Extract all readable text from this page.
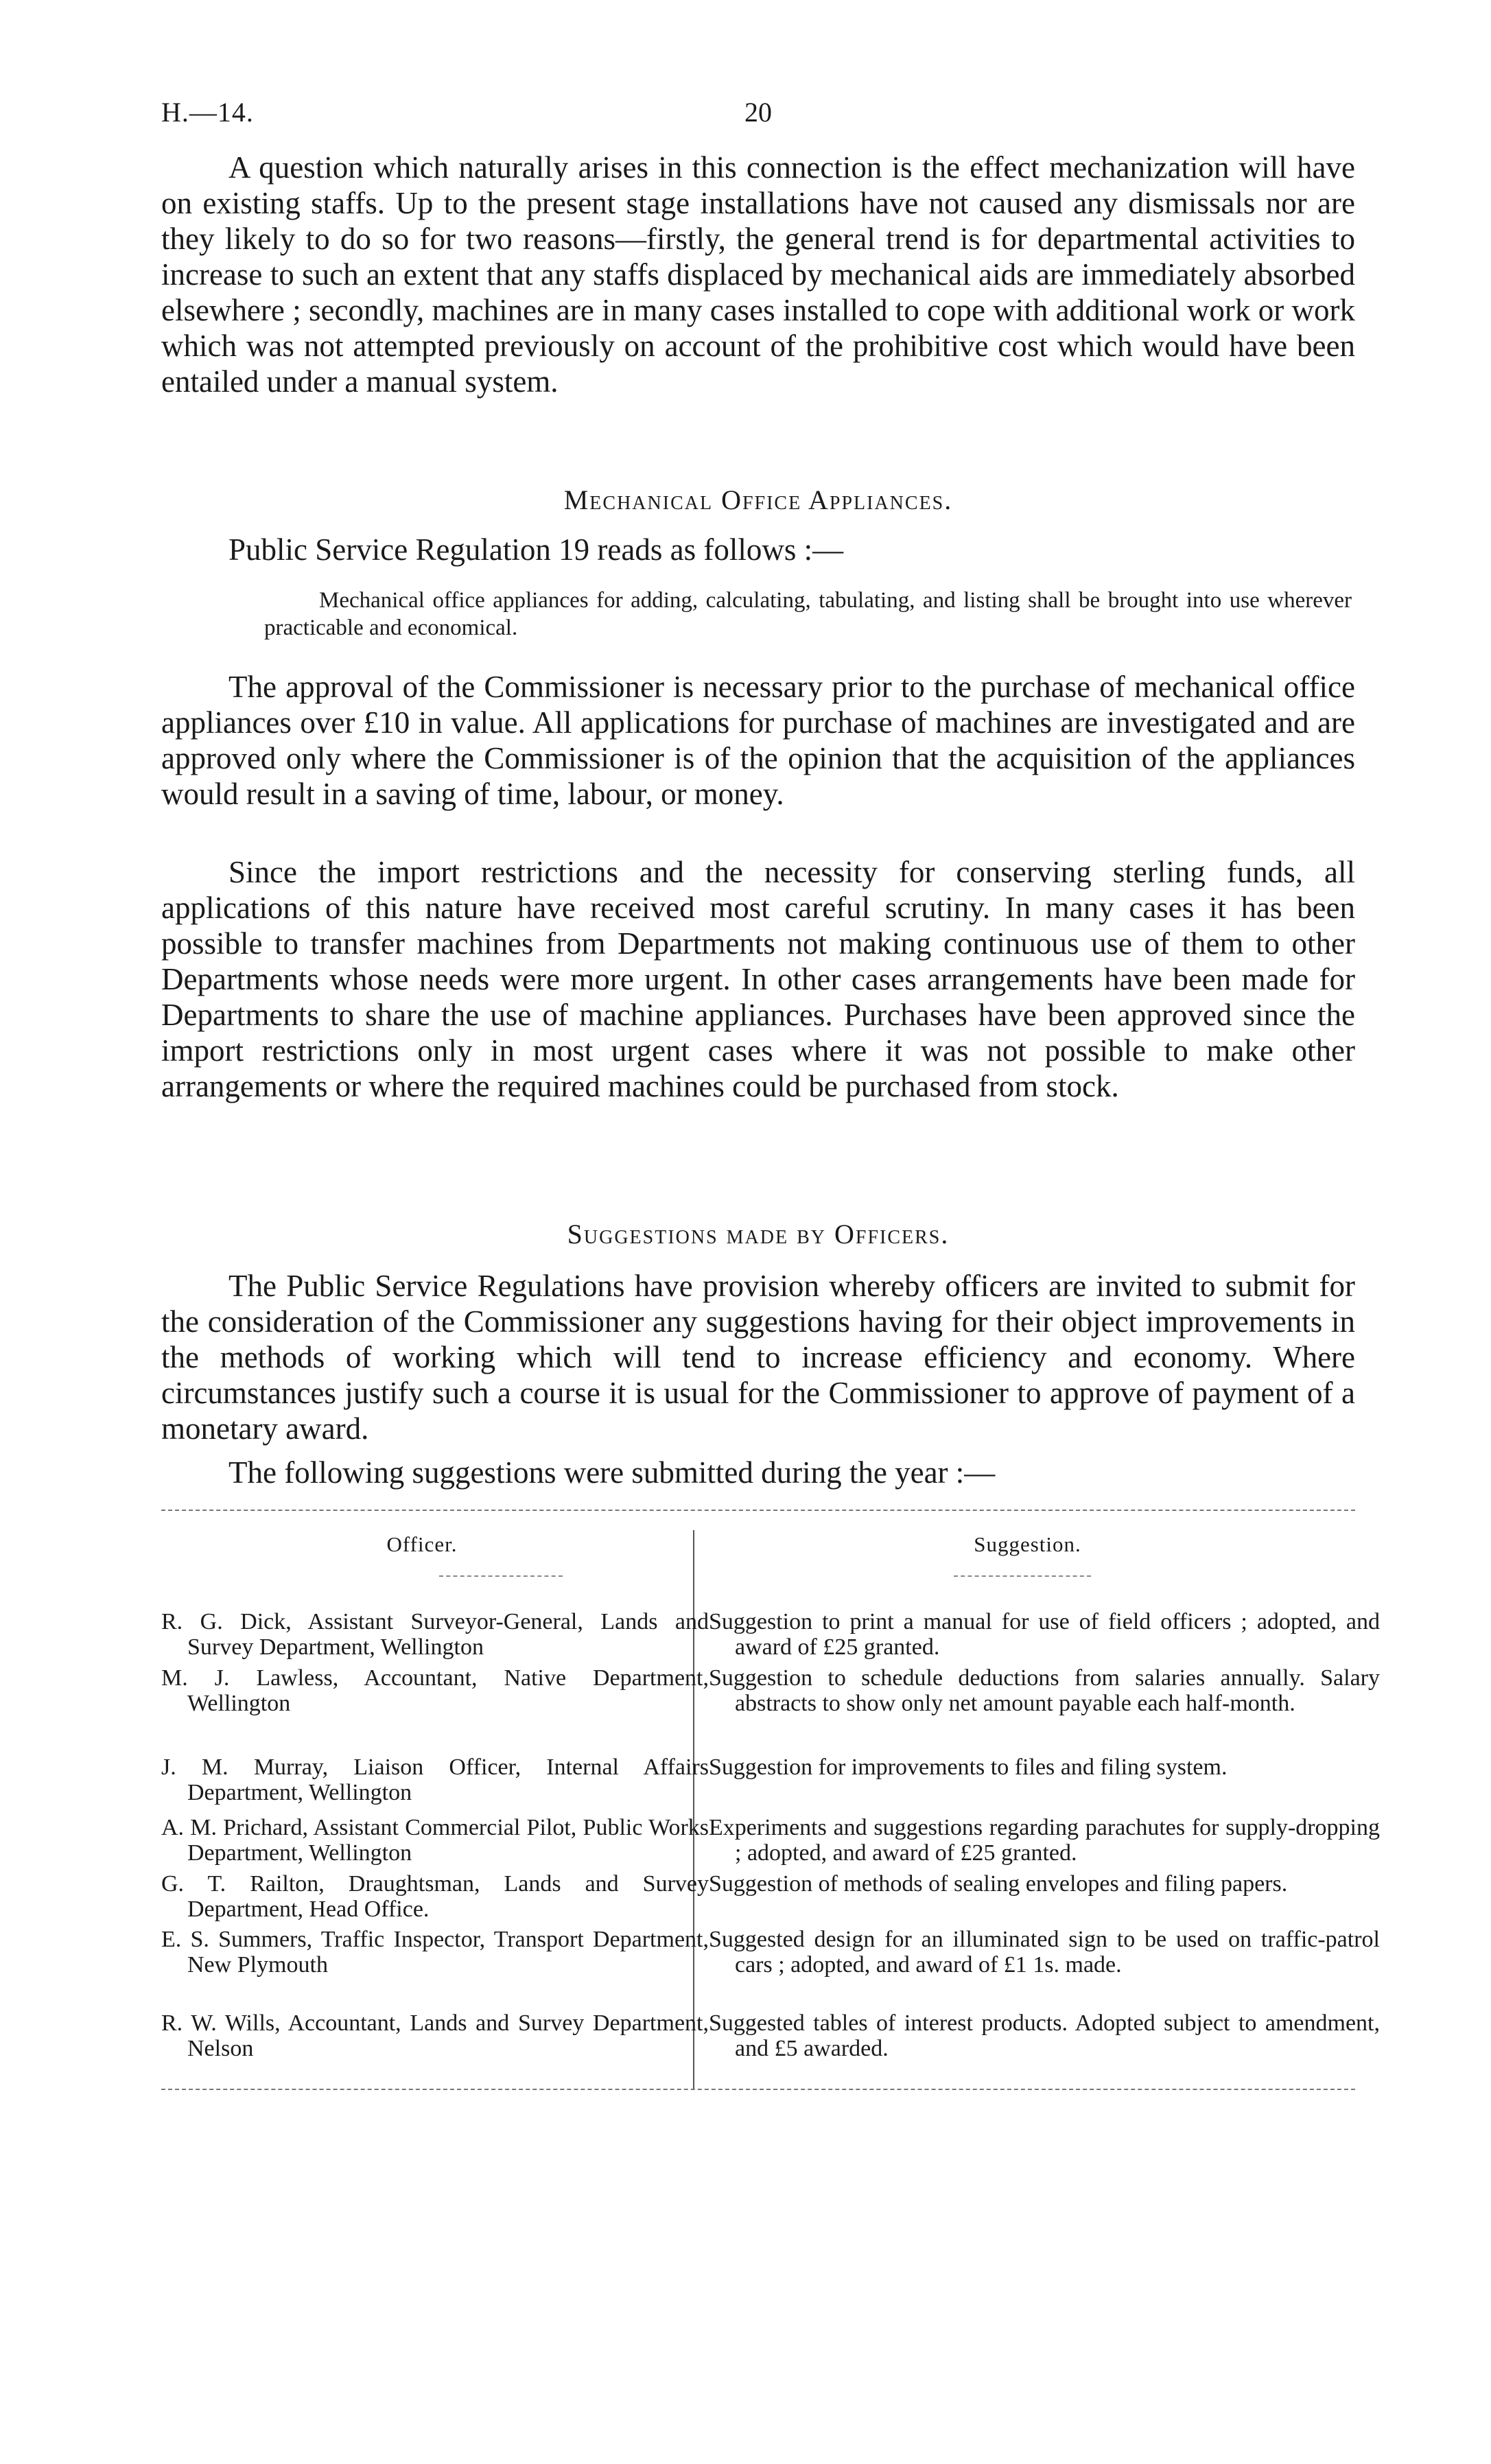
H.—14.	20

A question which naturally arises in this connection is the effect mechanization will have on existing staffs. Up to the present stage installations have not caused any dismissals nor are they likely to do so for two reasons—firstly, the general trend is for departmental activities to increase to such an extent that any staffs displaced by mechanical aids are immediately absorbed elsewhere ; secondly, machines are in many cases installed to cope with additional work or work which was not attempted previously on account of the prohibitive cost which would have been entailed under a manual system.

Mechanical Office Appliances.

Public Service Regulation 19 reads as follows :—

Mechanical office appliances for adding, calculating, tabulating, and listing shall be brought into use wherever practicable and economical.

The approval of the Commissioner is necessary prior to the purchase of mechanical office appliances over £10 in value. All applications for purchase of machines are investigated and are approved only where the Commissioner is of the opinion that the acquisition of the appliances would result in a saving of time, labour, or money.

Since the import restrictions and the necessity for conserving sterling funds, all applications of this nature have received most careful scrutiny. In many cases it has been possible to transfer machines from Departments not making continuous use of them to other Departments whose needs were more urgent. In other cases arrangements have been made for Departments to share the use of machine appliances. Purchases have been approved since the import restrictions only in most urgent cases where it was not possible to make other arrangements or where the required machines could be purchased from stock.

Suggestions made by Officers.

The Public Service Regulations have provision whereby officers are invited to submit for the consideration of the Commissioner any suggestions having for their object improvements in the methods of working which will tend to increase efficiency and economy. Where circumstances justify such a course it is usual for the Commissioner to approve of payment of a monetary award.

The following suggestions were submitted during the year :—

Officer.	Suggestion.
R. G. Dick, Assistant Surveyor-General, Lands and Survey Department, Wellington
Suggestion to print a manual for use of field officers ; adopted, and award of £25 granted.
M. J. Lawless, Accountant, Native Department, Wellington
Suggestion to schedule deductions from salaries annually. Salary abstracts to show only net amount payable each half-month.
J. M. Murray, Liaison Officer, Internal Affairs Department, Wellington
Suggestion for improvements to files and filing system.
A. M. Prichard, Assistant Commercial Pilot, Public Works Department, Wellington
Experiments and suggestions regarding parachutes for supply-dropping ; adopted, and award of £25 granted.
G. T. Railton, Draughtsman, Lands and Survey Department, Head Office.
Suggestion of methods of sealing envelopes and filing papers.
E. S. Summers, Traffic Inspector, Transport Department, New Plymouth
Suggested design for an illuminated sign to be used on traffic-patrol cars ; adopted, and award of £1 1s. made.
R. W. Wills, Accountant, Lands and Survey Department, Nelson
Suggested tables of interest products. Adopted subject to amendment, and £5 awarded.
